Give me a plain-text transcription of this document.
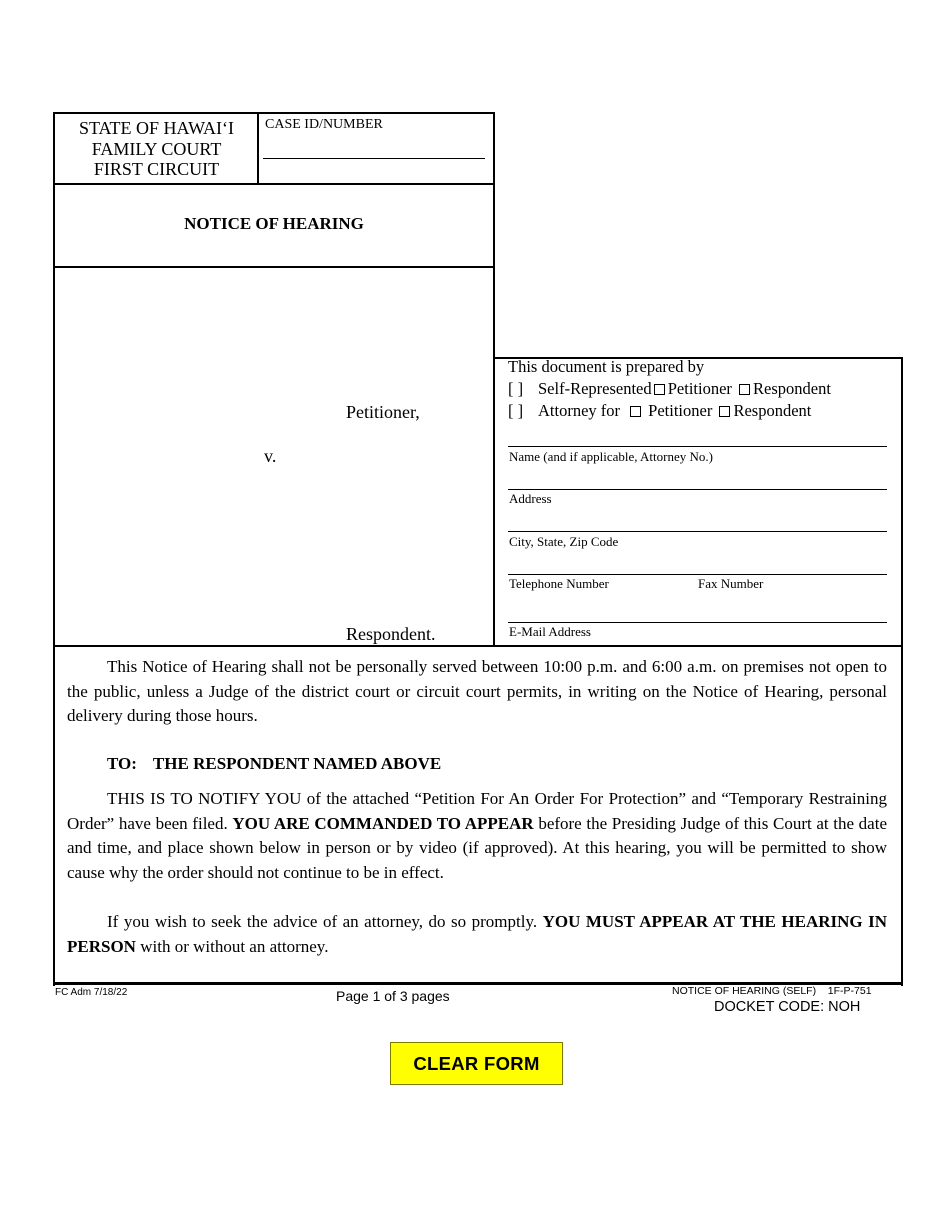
STATE OF HAWAI‘I
FAMILY COURT
FIRST CIRCUIT
CASE ID/NUMBER
NOTICE OF HEARING
Petitioner,
v.
Respondent.
This document is prepared by
[ ] Self-Represented Petitioner Respondent
[ ] Attorney for Petitioner Respondent
Name (and if applicable, Attorney No.)
Address
City, State, Zip Code
Telephone Number	Fax Number
E-Mail Address
This Notice of Hearing shall not be personally served between 10:00 p.m. and 6:00 a.m. on premises not open to the public, unless a Judge of the district court or circuit court permits, in writing on the Notice of Hearing, personal delivery during those hours.
TO: THE RESPONDENT NAMED ABOVE
THIS IS TO NOTIFY YOU of the attached “Petition For An Order For Protection” and “Temporary Restraining Order” have been filed. YOU ARE COMMANDED TO APPEAR before the Presiding Judge of this Court at the date and time, and place shown below in person or by video (if approved). At this hearing, you will be permitted to show cause why the order should not continue to be in effect.
If you wish to seek the advice of an attorney, do so promptly. YOU MUST APPEAR AT THE HEARING IN PERSON with or without an attorney.
FC Adm 7/18/22	Page 1 of 3 pages	NOTICE OF HEARING (SELF)    1F-P-751
DOCKET CODE: NOH
CLEAR FORM
